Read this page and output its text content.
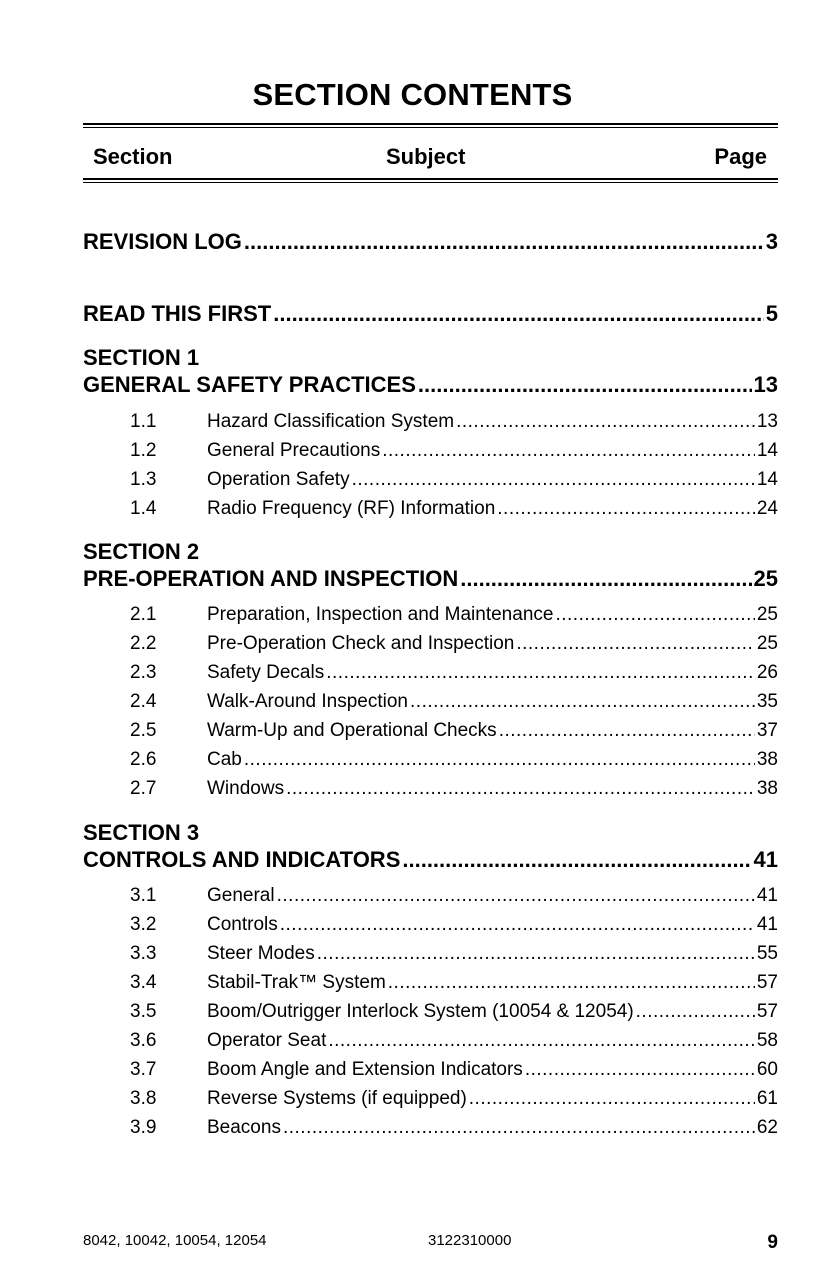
SECTION CONTENTS
Section	Subject	Page
REVISION LOG .....	3
READ THIS FIRST .....	5
SECTION 1
GENERAL SAFETY PRACTICES .....	13
1.1	Hazard Classification System .....	13
1.2	General Precautions .....	14
1.3	Operation Safety .....	14
1.4	Radio Frequency (RF) Information .....	24
SECTION 2
PRE-OPERATION AND INSPECTION .....	25
2.1	Preparation, Inspection and Maintenance .....	25
2.2	Pre-Operation Check and Inspection .....	25
2.3	Safety Decals .....	26
2.4	Walk-Around Inspection .....	35
2.5	Warm-Up and Operational Checks .....	37
2.6	Cab .....	38
2.7	Windows .....	38
SECTION 3
CONTROLS AND INDICATORS .....	41
3.1	General .....	41
3.2	Controls .....	41
3.3	Steer Modes .....	55
3.4	Stabil-Trak™ System .....	57
3.5	Boom/Outrigger Interlock System (10054 & 12054) .....	57
3.6	Operator Seat .....	58
3.7	Boom Angle and Extension Indicators .....	60
3.8	Reverse Systems (if equipped) .....	61
3.9	Beacons .....	62
8042, 10042, 10054, 12054	3122310000	9
